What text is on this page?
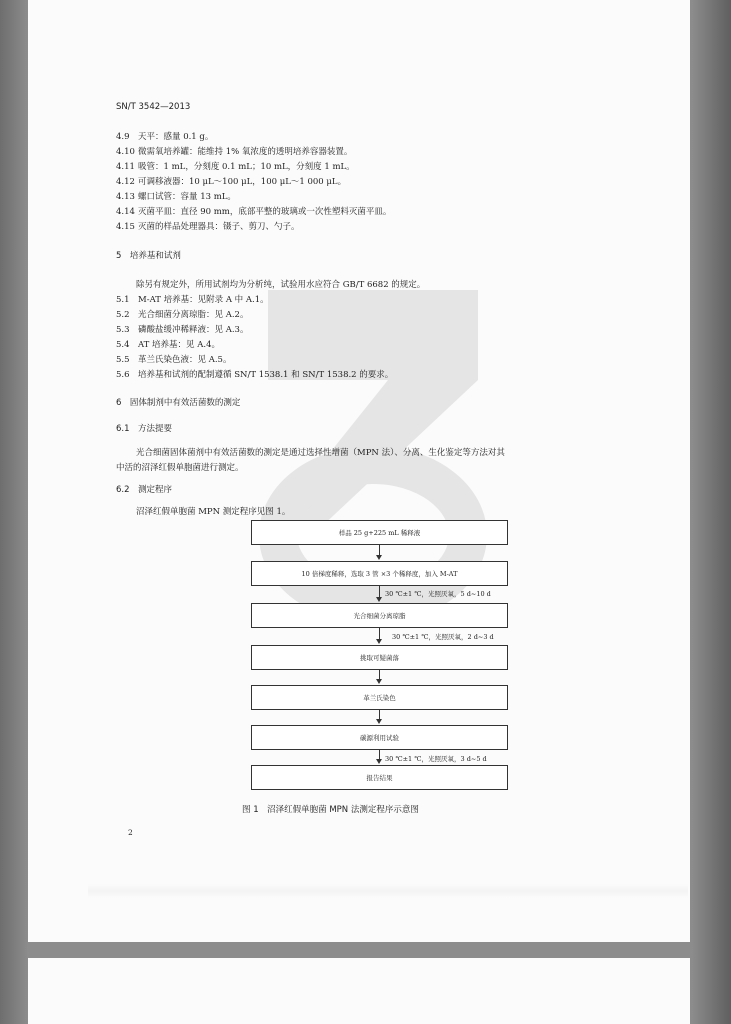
SN/T 3542—2013
4.9 天平：感量 0.1 g。
4.10 微需氧培养罐：能维持 1% 氧浓度的透明培养容器装置。
4.11 吸管：1 mL，分刻度 0.1 mL；10 mL，分刻度 1 mL。
4.12 可调移液器：10 μL～100 μL，100 μL～1 000 μL。
4.13 螺口试管：容量 13 mL。
4.14 灭菌平皿：直径 90 mm，底部平整的玻璃或一次性塑料灭菌平皿。
4.15 灭菌的样品处理器具：镊子、剪刀、勺子。
5　培养基和试剂
除另有规定外，所用试剂均为分析纯，试验用水应符合 GB/T 6682 的规定。
5.1 M-AT 培养基：见附录 A 中 A.1。
5.2 光合细菌分离琼脂：见 A.2。
5.3 磷酸盐缓冲稀释液：见 A.3。
5.4 AT 培养基：见 A.4。
5.5 革兰氏染色液：见 A.5。
5.6 培养基和试剂的配制遵循 SN/T 1538.1 和 SN/T 1538.2 的要求。
6　固体制剂中有效活菌数的测定
6.1　方法提要
光合细菌固体菌剂中有效活菌数的测定是通过选择性增菌（MPN 法）、分离、生化鉴定等方法对其
中活的沼泽红假单胞菌进行测定。
6.2　测定程序
沼泽红假单胞菌 MPN 测定程序见图 1。
样品 25 g+225 mL 稀释液
10 倍梯度稀释，选取 3 管 ×3 个稀释度，加入 M-AT
30 ℃±1 ℃，光照厌氧，5 d~10 d
光合细菌分离琼脂
30 ℃±1 ℃，光照厌氧，2 d~3 d
挑取可疑菌落
革兰氏染色
碳源利用试验
30 ℃±1 ℃，光照厌氧，3 d~5 d
报告结果
图 1　沼泽红假单胞菌 MPN 法测定程序示意图
2
